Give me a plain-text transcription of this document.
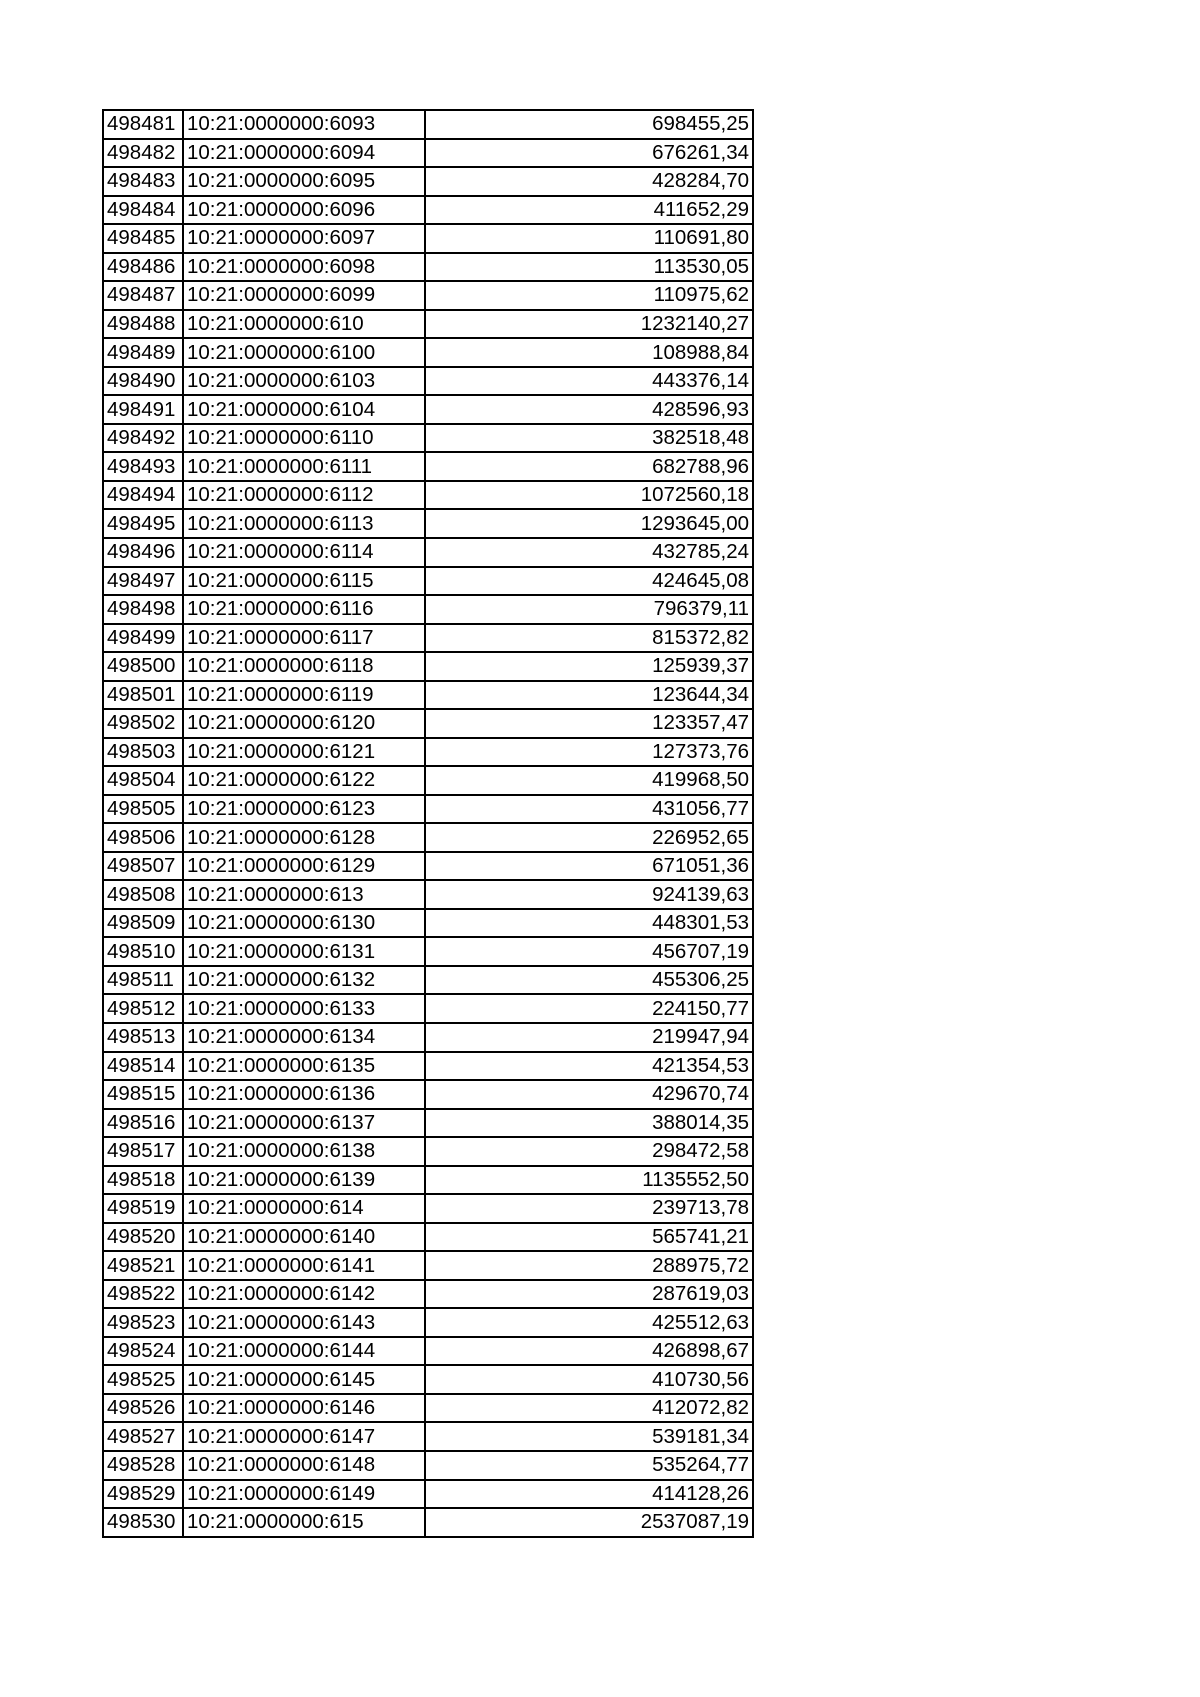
498481	10:21:0000000:6093	698455,25
498482	10:21:0000000:6094	676261,34
498483	10:21:0000000:6095	428284,70
498484	10:21:0000000:6096	411652,29
498485	10:21:0000000:6097	110691,80
498486	10:21:0000000:6098	113530,05
498487	10:21:0000000:6099	110975,62
498488	10:21:0000000:610	1232140,27
498489	10:21:0000000:6100	108988,84
498490	10:21:0000000:6103	443376,14
498491	10:21:0000000:6104	428596,93
498492	10:21:0000000:6110	382518,48
498493	10:21:0000000:6111	682788,96
498494	10:21:0000000:6112	1072560,18
498495	10:21:0000000:6113	1293645,00
498496	10:21:0000000:6114	432785,24
498497	10:21:0000000:6115	424645,08
498498	10:21:0000000:6116	796379,11
498499	10:21:0000000:6117	815372,82
498500	10:21:0000000:6118	125939,37
498501	10:21:0000000:6119	123644,34
498502	10:21:0000000:6120	123357,47
498503	10:21:0000000:6121	127373,76
498504	10:21:0000000:6122	419968,50
498505	10:21:0000000:6123	431056,77
498506	10:21:0000000:6128	226952,65
498507	10:21:0000000:6129	671051,36
498508	10:21:0000000:613	924139,63
498509	10:21:0000000:6130	448301,53
498510	10:21:0000000:6131	456707,19
498511	10:21:0000000:6132	455306,25
498512	10:21:0000000:6133	224150,77
498513	10:21:0000000:6134	219947,94
498514	10:21:0000000:6135	421354,53
498515	10:21:0000000:6136	429670,74
498516	10:21:0000000:6137	388014,35
498517	10:21:0000000:6138	298472,58
498518	10:21:0000000:6139	1135552,50
498519	10:21:0000000:614	239713,78
498520	10:21:0000000:6140	565741,21
498521	10:21:0000000:6141	288975,72
498522	10:21:0000000:6142	287619,03
498523	10:21:0000000:6143	425512,63
498524	10:21:0000000:6144	426898,67
498525	10:21:0000000:6145	410730,56
498526	10:21:0000000:6146	412072,82
498527	10:21:0000000:6147	539181,34
498528	10:21:0000000:6148	535264,77
498529	10:21:0000000:6149	414128,26
498530	10:21:0000000:615	2537087,19
